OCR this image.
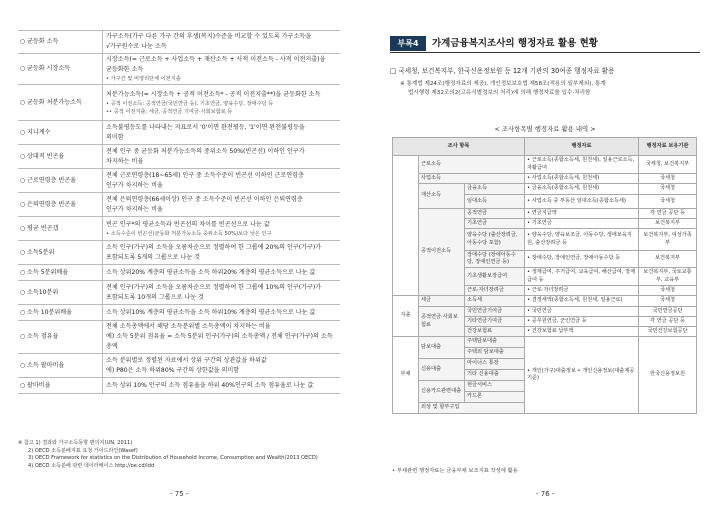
○ 균등화 소득	가구소득(가구 다른 가구 간의 후생(복지)수준을 비교할 수 있도록 가구소득을
√가구원수로 나눈 소득

○ 균등화 시장소득	시장소득(= 근로소득 + 사업소득 + 재산소득 + 사적 이전소득 - 사적 이전지출)을
균등화한 소득
• 가구간 및 비영리단체 이전지출

○ 균등화 처분가능소득	처분가능소득(= 시장소득 + 공적 이전소득* - 공적 이전지출**)을 균등화한 소득
• 공적 이전소득: 공적연금(국민연금 등), 기초연금, 양육수당, 장애수당 등
•• 공적 이전지출: 세금, 공적연금 기여금·사회보험료 등

○ 지니계수	소득불평등도를 나타내는 지표로서 '0'이면 완전평등, '1'이면 완전불평등을
의미함

○ 상대적 빈곤율	전체 인구 중 균등화 처분가능소득의 중위소득 50%(빈곤선) 이하인 인구가
차지하는 비율

○ 근로연령층 빈곤율	전체 근로연령층(18~65세) 인구 중 소득수준이 빈곤선 이하인 근로연령층
인구가 차지하는 비율

○ 은퇴연령층 빈곤율	전체 은퇴연령층(66세이상) 인구 중 소득수준이 빈곤선 이하인 은퇴연령층
인구가 차지하는 비율

○ 평균 빈곤갭	빈곤 인구*의 평균소득과 빈곤선의 차이를 빈곤선으로 나눈 값
• 소득수준이 빈곤선(균등화 처분가능소득 중위소득 50%)보다 낮은 인구

○ 소득5분위	소득 인구(가구)의 소득을 오름차순으로 정렬하여 한 그룹에 20%의 인구(가구)가
포함되도록 5개의 그룹으로 나눈 것

○ 소득 5분위배율	소득 상위20% 계층의 평균소득을 소득 하위20% 계층의 평균소득으로 나눈 값

○ 소득10분위	전체 인구(가구)의 소득을 오름차순으로 정렬하여 한 그룹에 10%의 인구(가구)가
포함되도록 10개의 그룹으로 나눈 것

○ 소득 10분위배율	소득 상위10% 계층의 평균소득을 소득 하위10% 계층의 평균소득으로 나눈 값

○ 소득 점유율	전체 소득총액에서 해당 소득분위별 소득총액이 차지하는 비율
예) 소득 5분위 점유율 = 소득 5분위 인구(가구)의 소득총액 / 전체 인구(가구)의 소득총액

○ 소득 팔마비율	소득 분위별로 정렬된 자료에서 상위 구간의 상관값을 하위값
에) P80은 소득 하위80% 구간의 상한값을 의미함

○ 팔마비율	소득 상위 10% 인구의 소득 점유율을 하위 40%인구의 소득 점유율로 나눈 값
※ 참고 1) 결과와 가구소득동향 편의지(UN, 2011)
2) OECD 소득분배지표 요청 가이드라인(Wasef)
3) OECD Framework for statistics on the Distribution of Household Income, Consumption and Wealth(2013 OECD)
4) OECD 소득분배 관련 데이터베이스 http://oe.cd/idd
- 75 -
부록4	가계금융복지조사의 행정자료 활용 현황
□ 국세청, 보건복지부, 한국신용정보원 등 12개 기관의 30여종 행정자료 활용
※ 통계법 제24조(행정자료의 제공), 개인정보보호법 제58조(적용의 일부제외), 통계
법시행령 제32조의2(고유식별정보의 처리)에 의해 행정자료를 입수·처리함
< 조사항목별 행정자료 활용 내역 >
조사 항목			행정자료	행정자료 보유기관
	근로소득		• 근로소득(종합소득세, 원천세), 일용근로소득, 자활급여	국세청, 보건복지부
	사업소득		• 사업소득(종합소득세, 원천세)	국세청
	재산소득	금융소득	• 금융소득(종합소득세, 원천세)	국세청
		임대소득	• 사업소득 중 부동산 임대소득(종합소득세)	국세청
	공적이전소득	공적연금	• 연금지급액	각 연금 공단 등
		기초연금	• 기초연금	보건복지부
		양육수당 (출산장려금, 아동수당 포함)	• 양육수당, 양육보조금, 아동수당, 생애보육지원, 출산장려금 등	보건복지부, 여성가족부
		장애수당 (장애아동수당, 장애인연금 등)	• 장애수당, 장애인연금, 장애아동수당 등	보건복지부
		기초생활보장급여	• 생계급여, 주거급여, 교육급여, 해산급여, 장제급여 등	보건복지부, 국토교통부, 교육부
		근로·자녀장려금	• 근로·자녀장려금	국세청
지출	세금	소득세	• 결정세액(종합소득세, 원천세, 일용근로)	국세청
	공적연금·사회보험료	국민연금기여금	• 국민연금	국민연금공단
		기타연금기여금	• 공무원연금, 군인연금 등	각 연금 공단 등
		건강보험료	• 건강보험료 납부액	국민건강보험공단
부채	담보대출	주택담보대출	• 개인(가구)대출정보 • 개인신용정보(대출제공 기준)	한국신용정보원
		주택외 담보대출		
	신용대출	마이너스 통장		
		기타 신용대출		
	신용카드관련대출	현금서비스		
		카드론		
	외상 및 할부구입			
• 부채관련 행정자료는 금융부채 보조지표 작성에 활용
- 76 -
